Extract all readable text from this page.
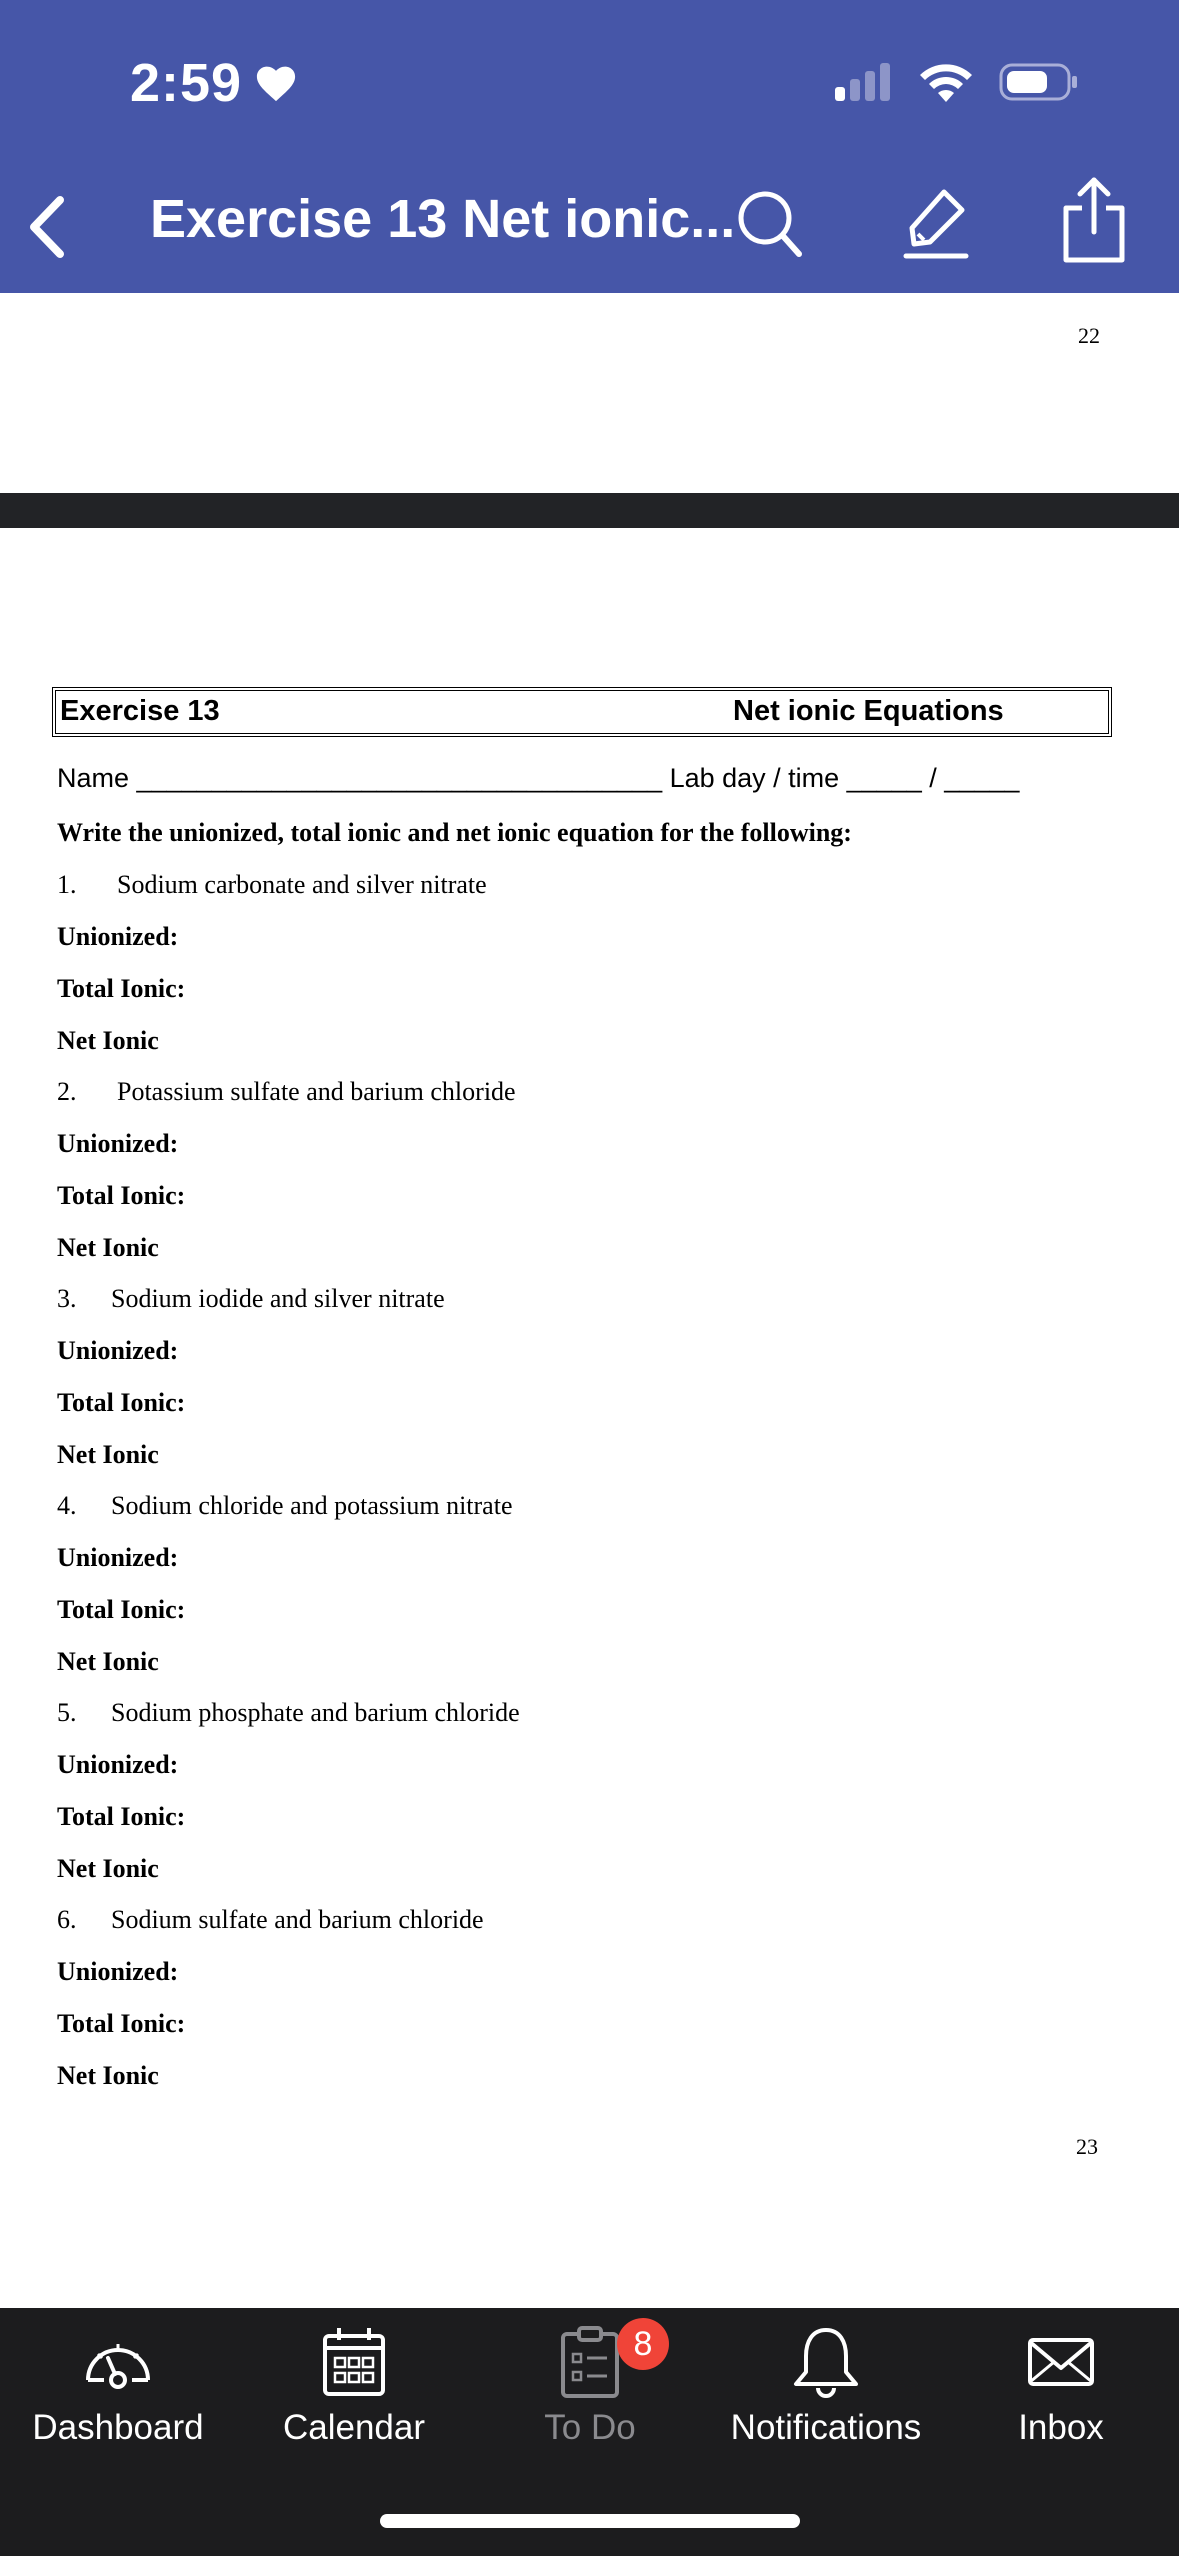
2:59
Exercise 13 Net ionic...
22
Exercise 13	Net ionic Equations
Name ___________________________________ Lab day / time _____ / _____
Write the unionized, total ionic and net ionic equation for the following:
1. Sodium carbonate and silver nitrate
Unionized:
Total Ionic:
Net Ionic
2. Potassium sulfate and barium chloride
Unionized:
Total Ionic:
Net Ionic
3. Sodium iodide and silver nitrate
Unionized:
Total Ionic:
Net Ionic
4. Sodium chloride and potassium nitrate
Unionized:
Total Ionic:
Net Ionic
5. Sodium phosphate and barium chloride
Unionized:
Total Ionic:
Net Ionic
6. Sodium sulfate and barium chloride
Unionized:
Total Ionic:
Net Ionic
23
Dashboard	Calendar	To Do	Notifications	Inbox
8
